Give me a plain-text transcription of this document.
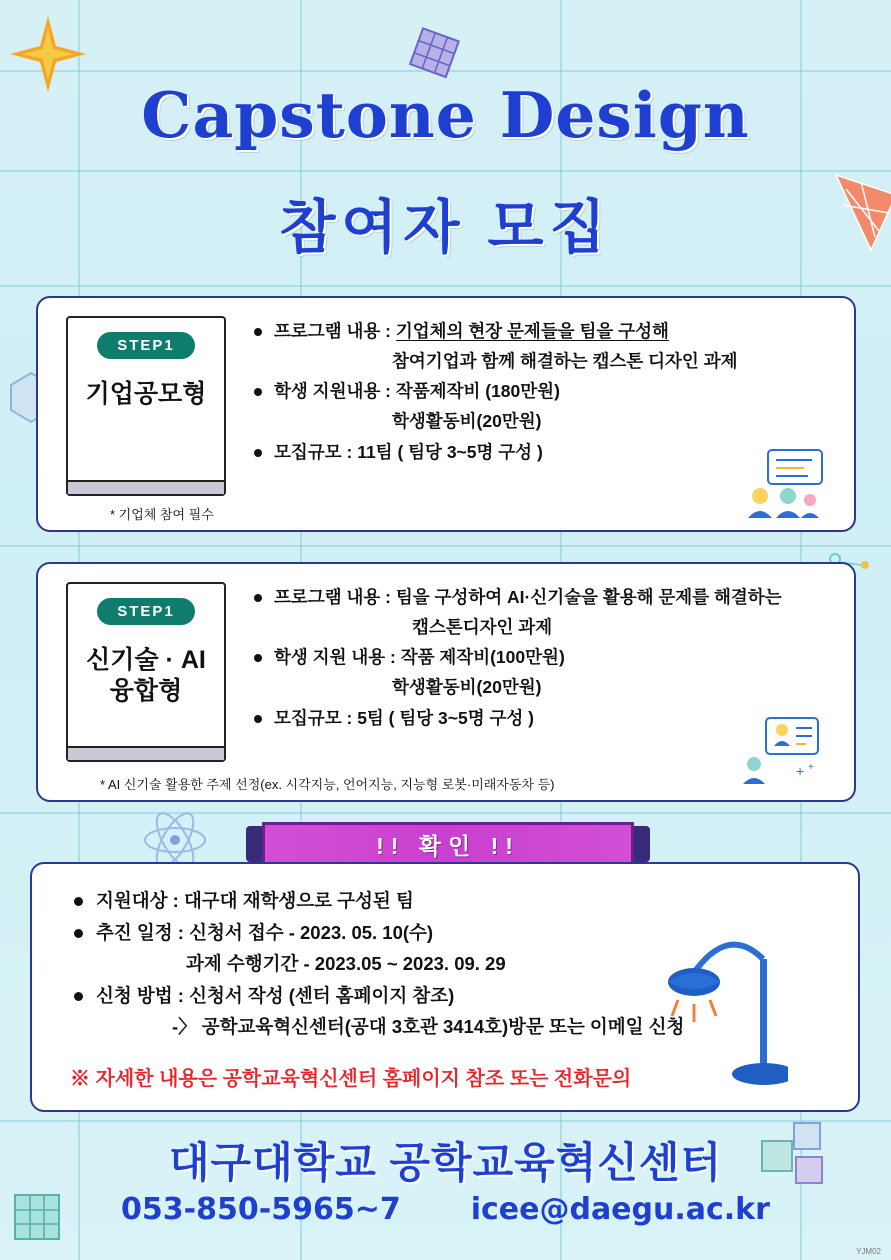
Capstone Design
참여자 모집
STEP1
기업공모형
* 기업체 참여 필수
프로그램 내용 : 기업체의 현장 문제들을 팀을 구성해
참여기업과 함께 해결하는 캡스톤 디자인 과제
학생 지원내용 : 작품제작비 (180만원)
학생활동비(20만원)
모집규모 : 11팀 ( 팀당 3~5명 구성 )
STEP1
신기술 · AI
융합형
* AI 신기술 활용한 주제 선정(ex. 시각지능, 언어지능, 지능형 로봇·미래자동차 등)
프로그램 내용 : 팀을 구성하여 AI·신기술을 활용해 문제를 해결하는
캡스톤디자인 과제
학생 지원 내용 : 작품 제작비(100만원)
학생활동비(20만원)
모집규모 : 5팀 ( 팀당 3~5명 구성 )
+ +
!! 확인 !!
지원대상 : 대구대 재학생으로 구성된 팀
추진 일정 : 신청서 접수 - 2023. 05. 10(수)
과제 수행기간 - 2023.05 ~ 2023. 09. 29
신청 방법 : 신청서 작성 (센터 홈페이지 참조)
-〉 공학교육혁신센터(공대 3호관 3414호)방문 또는 이메일 신청
※ 자세한 내용은 공학교육혁신센터 홈페이지 참조 또는 전화문의
대구대학교 공학교육혁신센터
053-850-5965~7 icee@daegu.ac.kr
YJM02
